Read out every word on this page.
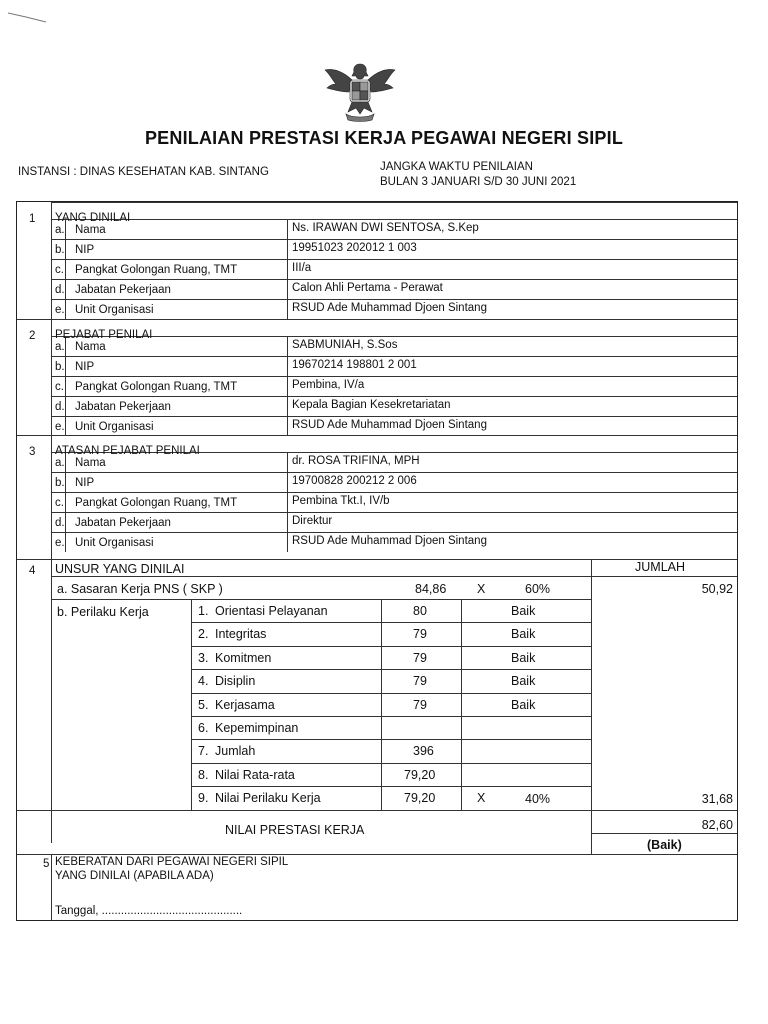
PENILAIAN PRESTASI KERJA PEGAWAI NEGERI SIPIL
INSTANSI : DINAS KESEHATAN KAB. SINTANG	JANGKA WAKTU PENILAIAN
BULAN 3 JANUARI S/D 30 JUNI 2021
1 YANG DINILAI
2 PEJABAT PENILAI
3 ATASAN PEJABAT PENILAI
a. Nama	Ns. IRAWAN DWI SENTOSA, S.Kep
b. NIP	19951023 202012 1 003
c. Pangkat Golongan Ruang, TMT	III/a
d. Jabatan Pekerjaan	Calon Ahli Pertama - Perawat
e. Unit Organisasi	RSUD Ade Muhammad Djoen Sintang
a. Nama	SABMUNIAH, S.Sos
b. NIP	19670214 198801 2 001
c. Pangkat Golongan Ruang, TMT	Pembina, IV/a
d. Jabatan Pekerjaan	Kepala Bagian Kesekretariatan
e. Unit Organisasi	RSUD Ade Muhammad Djoen Sintang
a. Nama	dr. ROSA TRIFINA, MPH
b. NIP	19700828 200212 2 006
c. Pangkat Golongan Ruang, TMT	Pembina Tkt.I, IV/b
d. Jabatan Pekerjaan	Direktur
e. Unit Organisasi	RSUD Ade Muhammad Djoen Sintang
4 UNSUR YANG DINILAI	JUMLAH
a. Sasaran Kerja PNS ( SKP )	84,86 X	60%	50,92
b. Perilaku Kerja	1. Orientasi Pelayanan	80	Baik
2. Integritas	79	Baik
3. Komitmen	79	Baik
4. Disiplin	79	Baik
5. Kerjasama	79	Baik
6. Kepemimpinan
7. Jumlah	396
8. Nilai Rata-rata	79,20
9. Nilai Perilaku Kerja	79,20	X	40%	31,68
NILAI PRESTASI KERJA	82,60
(Baik)
5 KEBERATAN DARI PEGAWAI NEGERI SIPIL
YANG DINILAI (APABILA ADA)
Tanggal, ............................................
